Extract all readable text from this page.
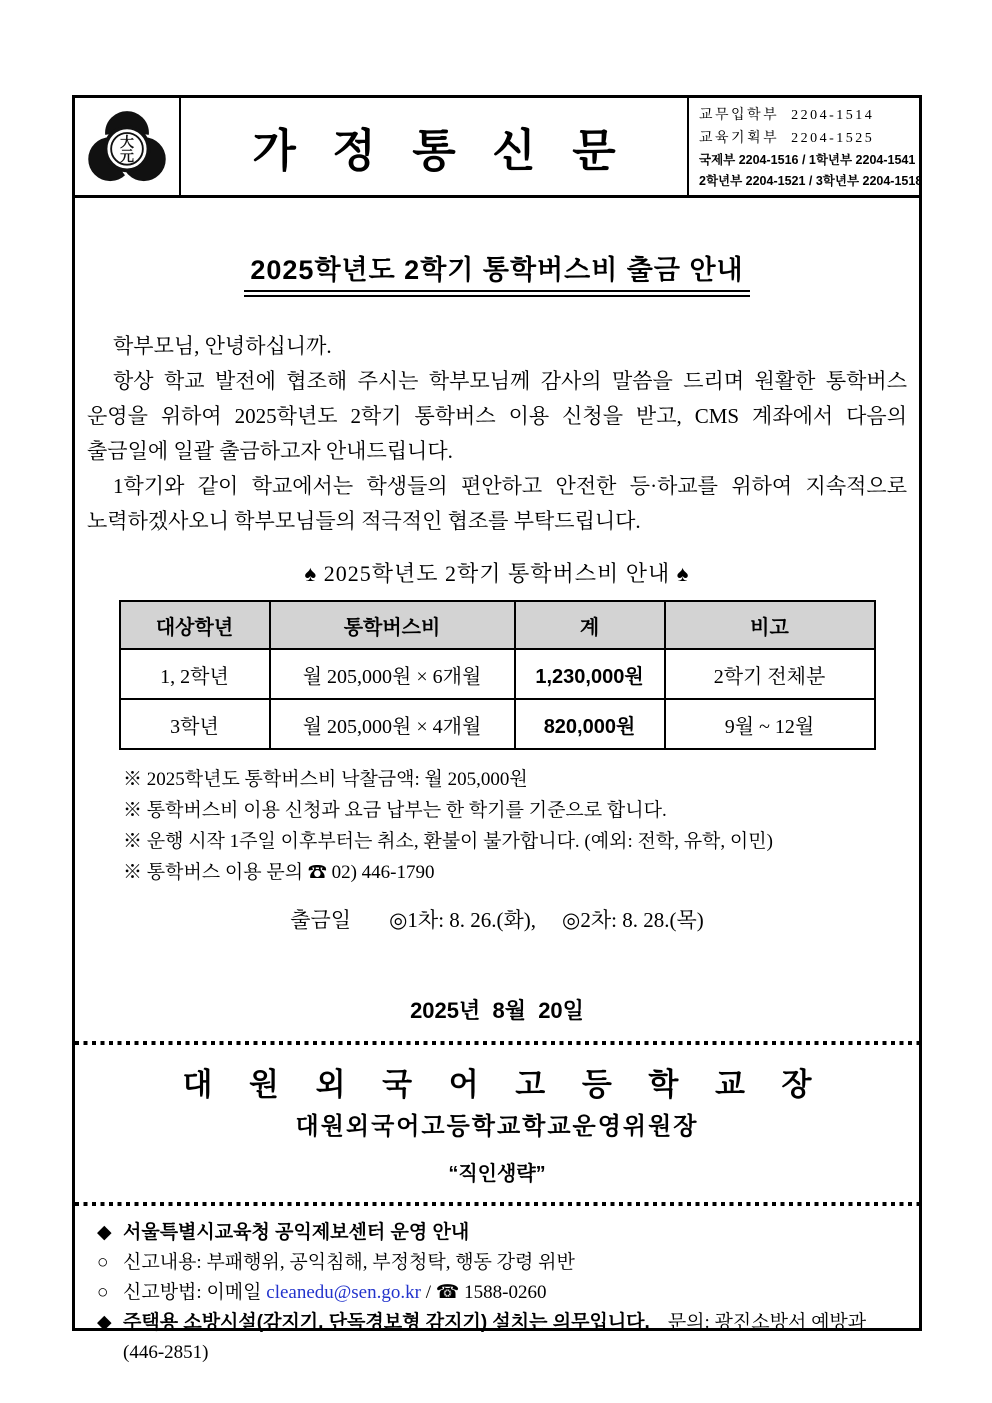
大
元	가 정 통 신 문
교무입학부  2204-1514
교육기획부  2204-1525
국제부 2204-1516 / 1학년부 2204-1541
2학년부 2204-1521 / 3학년부 2204-1518
2025학년도 2학기 통학버스비 출금 안내

학부모님, 안녕하십니까.

항상 학교 발전에 협조해 주시는 학부모님께 감사의 말씀을 드리며 원활한 통학버스 운영을 위하여 2025학년도 2학기 통학버스 이용 신청을 받고, CMS 계좌에서 다음의 출금일에 일괄 출금하고자 안내드립니다.

1학기와 같이 학교에서는 학생들의 편안하고 안전한 등·하교를 위하여 지속적으로 노력하겠사오니 학부모님들의 적극적인 협조를 부탁드립니다.

♠ 2025학년도 2학기 통학버스비 안내 ♠
대상학년	통학버스비	계	비고
1, 2학년	월 205,000원 × 6개월	1,230,000원	2학기 전체분
3학년	월 205,000원 × 4개월	820,000원	9월 ~ 12월
※ 2025학년도 통학버스비 낙찰금액: 월 205,000원
※ 통학버스비 이용 신청과 요금 납부는 한 학기를 기준으로 합니다.
※ 운행 시작 1주일 이후부터는 취소, 환불이 불가합니다. (예외: 전학, 유학, 이민)
※ 통학버스 이용 문의 ☎ 02) 446-1790
출금일 ◎1차: 8. 26.(화), ◎2차: 8. 28.(목)
2025년  8월  20일
대 원 외 국 어 고 등 학 교 장
대원외국어고등학교학교운영위원장
“직인생략”
◆ 서울특별시교육청 공익제보센터 운영 안내
○ 신고내용: 부패행위, 공익침해, 부정청탁, 행동 강령 위반
○ 신고방법: 이메일 cleanedu@sen.go.kr / ☎ 1588-0260
◆ 주택용 소방시설(감지기, 단독경보형 감지기) 설치는 의무입니다. 문의: 광진소방서 예방과(446-2851)
